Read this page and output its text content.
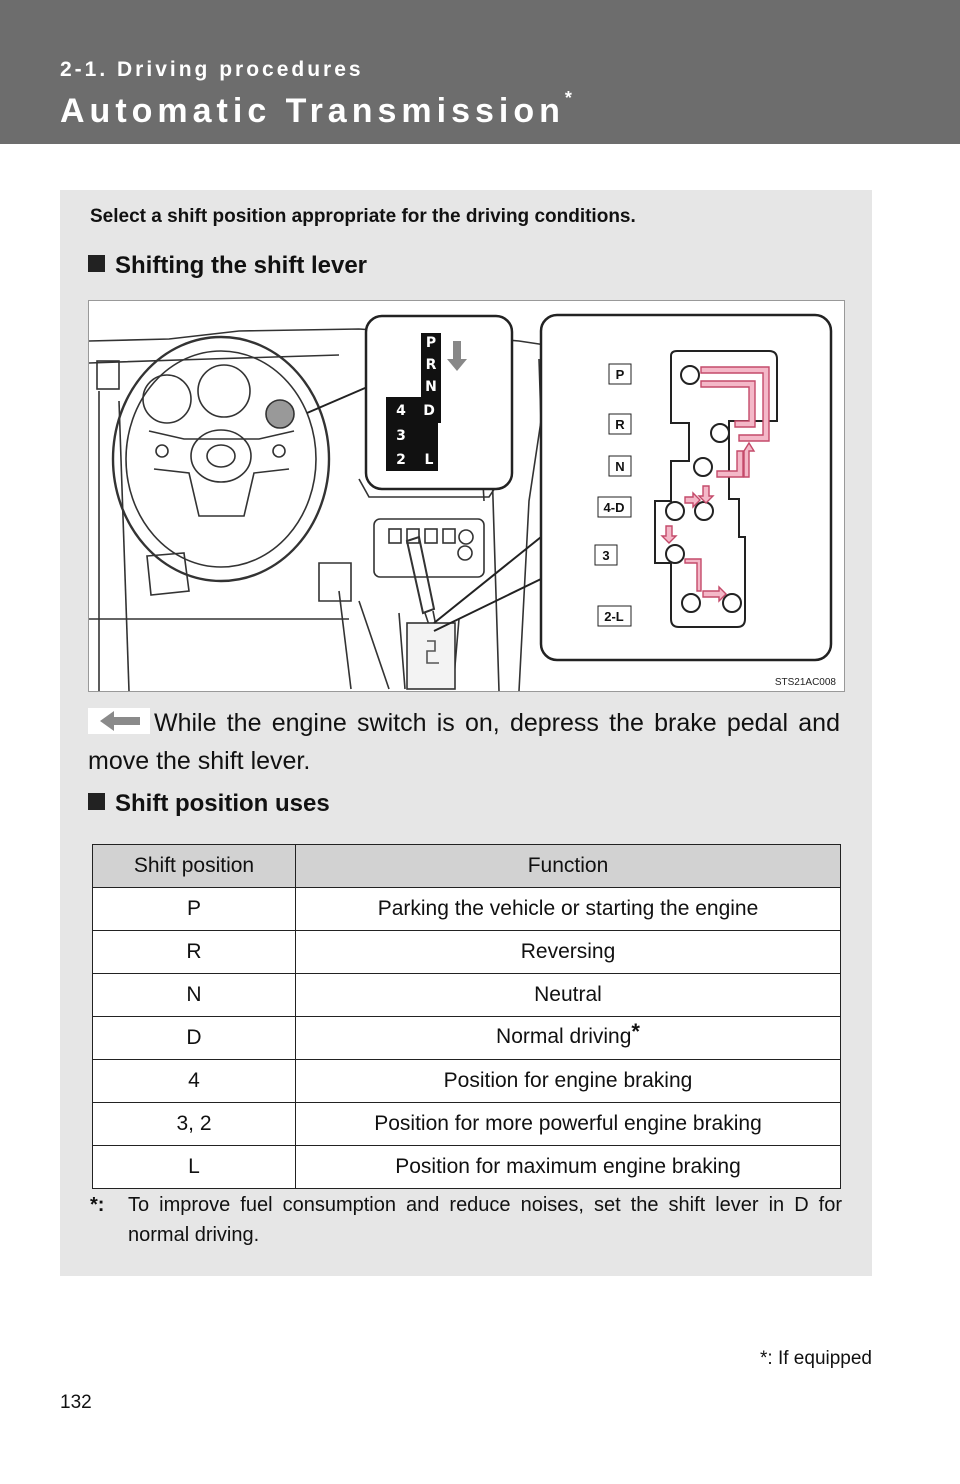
2-1. Driving procedures
Automatic Transmission*
Select a shift position appropriate for the driving conditions.
Shifting the shift lever
P
R
N
D
4
3
2 L
P
R
N
4-D
3
2-L
STS21AC008
While the engine switch is on, depress the brake pedal and move the shift lever.
Shift position uses
Shift position	Function
P	Parking the vehicle or starting the engine
R	Reversing
N	Neutral
D	Normal driving*
4	Position for engine braking
3, 2	Position for more powerful engine braking
L	Position for maximum engine braking
*: To improve fuel consumption and reduce noises, set the shift lever in D for normal driving.
*: If equipped
132
